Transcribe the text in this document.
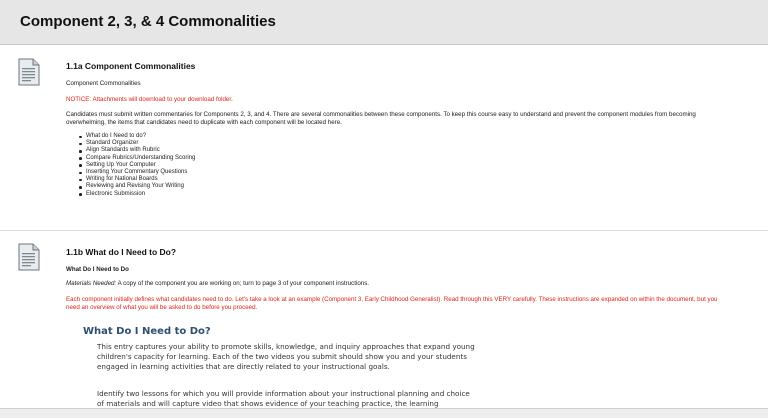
Component 2, 3, & 4 Commonalities

1.1a Component Commonalities

Component Commonalities

NOTICE: Attachments will download to your download folder.

Candidates must submit written commentaries for Components 2, 3, and 4. There are several commonalities between these components. To keep this course easy to understand and prevent the component modules from becoming overwhelming, the items that candidates need to duplicate with each component will be located here.

What do I Need to do?
Standard Organizer
Align Standards with Rubric
Compare Rubrics/Understanding Scoring
Setting Up Your Computer
Inserting Your Commentary Questions
Writing for National Boards
Reviewing and Revising Your Writing
Electronic Submission

1.1b What do I Need to Do?

What Do I Need to Do

Materials Needed: A copy of the component you are working on; turn to page 3 of your component instructions.

Each component initially defines what candidates need to do. Let's take a look at an example (Component 3, Early Childhood Generalist). Read through this VERY carefully. These instructions are expanded on within the document, but you need an overview of what you will be asked to do before you proceed.

What Do I Need to Do?

This entry captures your ability to promote skills, knowledge, and inquiry approaches that expand young children's capacity for learning. Each of the two videos you submit should show you and your students engaged in learning activities that are directly related to your instructional goals.

Identify two lessons for which you will provide information about your instructional planning and choice of materials and will capture video that shows evidence of your teaching practice, the learning
